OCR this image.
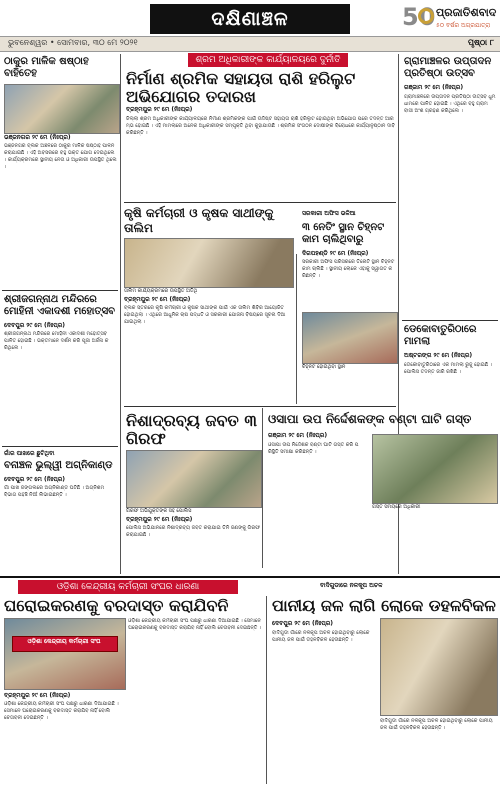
ଦକ୍ଷିଣାଞ୍ଚଳ	50 ପ୍ରଜାତିଶବାଦ
୫୦ ବର୍ଷର ଅଗ୍ରଯାତ୍ରା
ଭୁବନେଶ୍ୱର • ସୋମବାର, ୩୦ ମେ ୨୦୨୧	ପୃଷ୍ଠା ୮
ଠାକୁର ମାଳିକ ଷଷ୍ଠାହ ବାହିତେହ
ଭଞ୍ଜନଗର ୨୯ ମେ (ନିଃପ୍ର)
ଭଞ୍ଜନଗର ବ୍ଲକ ଅଞ୍ଚଳରେ ଠାକୁର ମାଳିକ ଷଷ୍ଠାହ ପାଳନ କରାଯାଇଛି । ଏହି ଅବସରରେ ବହୁ ଭକ୍ତ ଯୋଗ ଦେଇଥିଲେ । କାର୍ଯ୍ୟକ୍ରମରେ ସ୍ଥାନୀୟ ନେତା ଓ ଅଧିକାରୀ ଉପସ୍ଥିତ ଥିଲେ ।
ଶ୍ରମ ଅଧିକାରୀଙ୍କ କାର୍ଯ୍ୟାଳୟରେ ଦୁର୍ନୀତି
ନିର୍ମାଣ ଶ୍ରମିକ ସହାୟତା ରାଶି ହରିଲୁଟ ଅଭିଯୋଗର ତଦାରଖ
ବ୍ରହ୍ମପୁର ୨୯ ମେ (ନିଃପ୍ର)
ଜିଲ୍ଲା ଶ୍ରମ ଅଧିକାରୀଙ୍କ କାର୍ଯ୍ୟାଳୟରେ ନିର୍ମାଣ ଶ୍ରମିକଙ୍କ ପାଇଁ ଉଦ୍ଦିଷ୍ଟ ସହାୟତା ରାଶି ହରିଲୁଟ ହୋଇଥିବା ଅଭିଯୋଗ ପରେ ତଦନ୍ତ ଆରମ୍ଭ ହୋଇଛି । ଏହି ମାମଲାରେ ଅନେକ ଅଧିକାରୀଙ୍କ ସମ୍ପୃକ୍ତି ଥିବା କୁହାଯାଉଛି । ଶ୍ରମିକ ସଂଗଠନ ଦୋଷୀଙ୍କ ବିରୋଧରେ କାର୍ଯ୍ୟାନୁଷ୍ଠାନ ଦାବି କରିଛନ୍ତି ।
ଗ୍ରାମାଞ୍ଚଳର ଉପ୍ତାଦନ ପ୍ରତିଷ୍ଠା ଉତ୍ସବ
ଗଞ୍ଜାମ ୨୯ ମେ (ନିଃପ୍ର)
ଗ୍ରାମାଞ୍ଚଳରେ ଉପ୍ତାଦନ ପ୍ରତିଷ୍ଠା ଉତ୍ସବ ଧୁମଧାମରେ ପାଳିତ ହୋଇଛି । ଏଥିରେ ବହୁ ଗ୍ରାମବାସୀ ଅଂଶ ଗ୍ରହଣ କରିଥିଲେ ।
କୃଷି କର୍ମଚାରୀ ଓ କୃଷକ ସାଥୀଙ୍କୁ ତାଲିମ
ତାଲିମ କାର୍ଯ୍ୟକ୍ରମରେ ଉପସ୍ଥିତ ଅତିଥି
ବ୍ରହ୍ମପୁର ୨୯ ମେ (ନିଃପ୍ର)
ବ୍ଲକ ସ୍ତରରେ କୃଷି କର୍ମଚାରୀ ଓ କୃଷକ ସାଥୀଙ୍କ ପାଇଁ ଏକ ତାଲିମ ଶିବିର ଆୟୋଜିତ ହୋଇଥିଲା । ଏଥିରେ ଆଧୁନିକ ଚାଷ ପଦ୍ଧତି ଓ ସରକାରୀ ଯୋଜନା ବିଷୟରେ ସୂଚନା ଦିଆଯାଇଥିଲା ।
ସରକାରୀ ଅଫିସ ଭଳିଆ
୩ ନେତିଂ ସ୍ଥାନ ଚିହ୍ନଟ କାମ ଚାଲିଥିବାରୁ
ଦିଗପହଣ୍ଡି ୨୯ ମେ (ନିଃପ୍ର)
ସରକାରୀ ଅଫିସ ପରିସରରେ ତିନୋଟି ସ୍ଥାନ ଚିହ୍ନଟ କାମ ଚାଲିଛି । ସ୍ଥାନୀୟ ଲୋକେ ଏହାକୁ ସ୍ୱାଗତ କରିଛନ୍ତି ।
ଚିହ୍ନଟ ହୋଇଥିବା ସ୍ଥାନ
ଡେକୋବାତୁରିଠାରେ ମାମଲା
ଅଷ୍ଟରଙ୍ଗ ୨୯ ମେ (ନିଃପ୍ର)
ଡେକୋବାତୁରିଠାରେ ଏକ ମାମଲା ରୁଜୁ ହୋଇଛି । ପୋଲିସ ତଦନ୍ତ ଜାରି ରଖିଛି ।
ଶ୍ରୀଜଗନ୍ନାଥ ମନ୍ଦିରରେ ମୋହିନୀ ଏକାଦଶୀ ମହୋତ୍ସବ
ଦେବପୁର ୨୯ ମେ (ନିଃପ୍ର)
ଶ୍ରୀଜଗନ୍ନାଥ ମନ୍ଦିରରେ ମୋହିନୀ ଏକାଦଶୀ ମହୋତ୍ସବ ପାଳିତ ହୋଇଛି । ଭକ୍ତମାନେ ଦର୍ଶନ କରି ପୂଜା ଅର୍ଚ୍ଚନା କରିଥିଲେ ।
ଗାଁର ପାଖରେ ଛୁଟିଥିବା
ବନାଞ୍ଚଳ ଭୁଲ୍ୱୀ ଅଗ୍ନିକାଣ୍ଡ
ଦେବପୁର ୨୯ ମେ (ନିଃପ୍ର)
ଗାଁ ପାଖ ଜଙ୍ଗଲରେ ଅଗ୍ନିକାଣ୍ଡ ଘଟିଛି । ଅଗ୍ନିଶମ ବିଭାଗ ପହଞ୍ଚି ନିଆଁ ଲିଭାଇଛନ୍ତି ।
ନିଶାଦ୍ରବ୍ୟ ଜବତ ୩ ଗିରଫ
ଗିରଫ ଅଭିଯୁକ୍ତଙ୍କ ସହ ପୋଲିସ
ବ୍ରହ୍ମପୁର ୨୯ ମେ (ନିଃପ୍ର)
ପୋଲିସ ଅଭିଯାନରେ ନିଶାଦ୍ରବ୍ୟ ଜବତ କରାଯାଇ ତିନି ଜଣଙ୍କୁ ଗିରଫ କରାଯାଇଛି ।
ଓସାପା ଉପ ନିର୍ଦ୍ଦେଶକଙ୍କ ବଣ୍ଟା ଘାଟି ଗସ୍ତ
ଗଞ୍ଜାମ ୨୯ ମେ (ନିଃପ୍ର)
ଓସାପା ଉପ ନିର୍ଦ୍ଦେଶକ ବଣ୍ଟା ଘାଟି ଗସ୍ତ କରି ପରିସ୍ଥିତି ସମୀକ୍ଷା କରିଛନ୍ତି ।
ଗସ୍ତ ସମୟରେ ଅଧିକାରୀ
ଓଡ଼ିଶା କେନ୍ଦ୍ରୀୟ କର୍ମଚାରୀ ସଂଘର ଧାରଣା
ଘରୋଇକରଣକୁ ବରଦାସ୍ତ କରାଯିବନି
ଓଡ଼ିଶା କେନ୍ଦ୍ରୀୟ କର୍ମଚାରୀ ସଂଘ
ବ୍ରହ୍ମପୁର ୨୯ ମେ (ନିଃପ୍ର)
ଓଡ଼ିଶା କେନ୍ଦ୍ରୀୟ କର୍ମଚାରୀ ସଂଘ ପକ୍ଷରୁ ଧାରଣା ଦିଆଯାଇଛି । ସେମାନେ ଘରୋଇକରଣକୁ ବରଦାସ୍ତ କରାଯିବ ନାହିଁ ବୋଲି ଚେତାବନୀ ଦେଇଛନ୍ତି ।
ଓଡ଼ିଶା କେନ୍ଦ୍ରୀୟ କର୍ମଚାରୀ ସଂଘ ପକ୍ଷରୁ ଧାରଣା ଦିଆଯାଇଛି । ସେମାନେ ଘରୋଇକରଣକୁ ବରଦାସ୍ତ କରାଯିବ ନାହିଁ ବୋଲି ଚେତାବନୀ ଦେଇଛନ୍ତି ।
ବାଦିଗୁଡାରେ ନଳକୂପ ଅଚଳ
ପାନୀୟ ଜଳ ଲାଗି ଲୋକେ ଡହଳବିକଳ
ଦେବପୁର ୨୯ ମେ (ନିଃପ୍ର)
ବାଦିଗୁଡା ଗାଁରେ ନଳକୂପ ଅଚଳ ହୋଇଥିବାରୁ ଲୋକେ ପାନୀୟ ଜଳ ପାଇଁ ଡହଳବିକଳ ହେଉଛନ୍ତି ।
ବାଦିଗୁଡା ଗାଁରେ ନଳକୂପ ଅଚଳ ହୋଇଥିବାରୁ ଲୋକେ ପାନୀୟ ଜଳ ପାଇଁ ଡହଳବିକଳ ହେଉଛନ୍ତି ।
